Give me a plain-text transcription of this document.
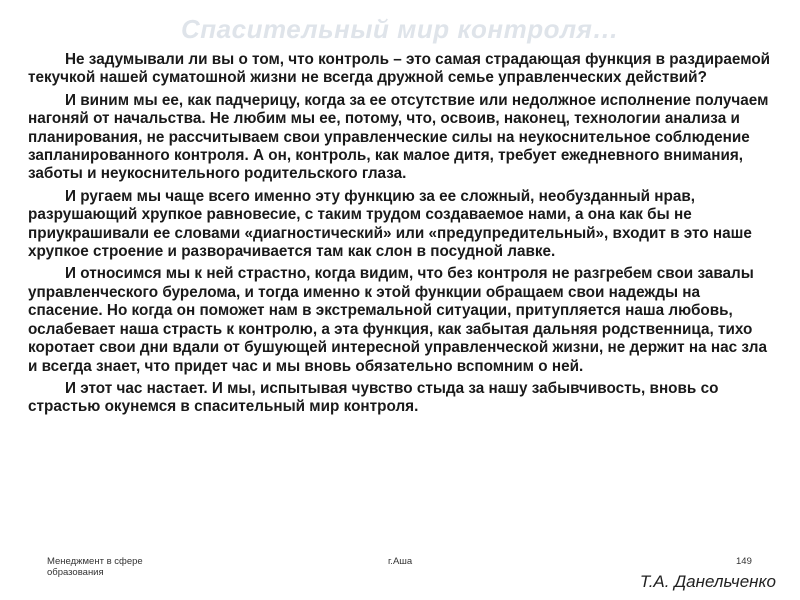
Спасительный мир контроля…

Не задумывали ли вы о том, что контроль – это самая страдающая функция в раздираемой текучкой нашей суматошной жизни не всегда дружной семье управленческих действий?

И виним мы ее, как падчерицу, когда за ее отсутствие или недолжное исполнение получаем нагоняй от начальства. Не любим мы ее, потому, что, освоив, наконец, технологии анализа и планирования, не рассчитываем свои управленческие силы на неукоснительное соблюдение запланированного контроля. А он, контроль, как малое дитя, требует ежедневного внимания, заботы и неукоснительного родительского глаза.

И ругаем мы чаще всего именно эту функцию за ее сложный, необузданный нрав, разрушающий хрупкое равновесие, с таким трудом создаваемое нами, а она как бы не приукрашивали ее словами «диагностический» или «предупредительный», входит в это наше хрупкое строение и разворачивается там как слон в посудной лавке.

И относимся мы к ней страстно, когда видим, что без контроля не разгребем свои завалы управленческого бурелома, и тогда именно к этой функции обращаем свои надежды на спасение. Но когда он поможет нам в экстремальной ситуации, притупляется наша любовь, ослабевает наша страсть к контролю, а эта функция, как забытая дальняя родственница, тихо коротает свои дни вдали от бушующей интересной управленческой жизни, не держит на нас зла и всегда знает, что придет час и мы вновь обязательно вспомним о ней.

И этот час настает. И мы, испытывая чувство стыда за нашу забывчивость, вновь со страстью окунемся в спасительный мир контроля.

Менеджмент в сфере образования
г.Аша	149
Т.А. Данельченко
